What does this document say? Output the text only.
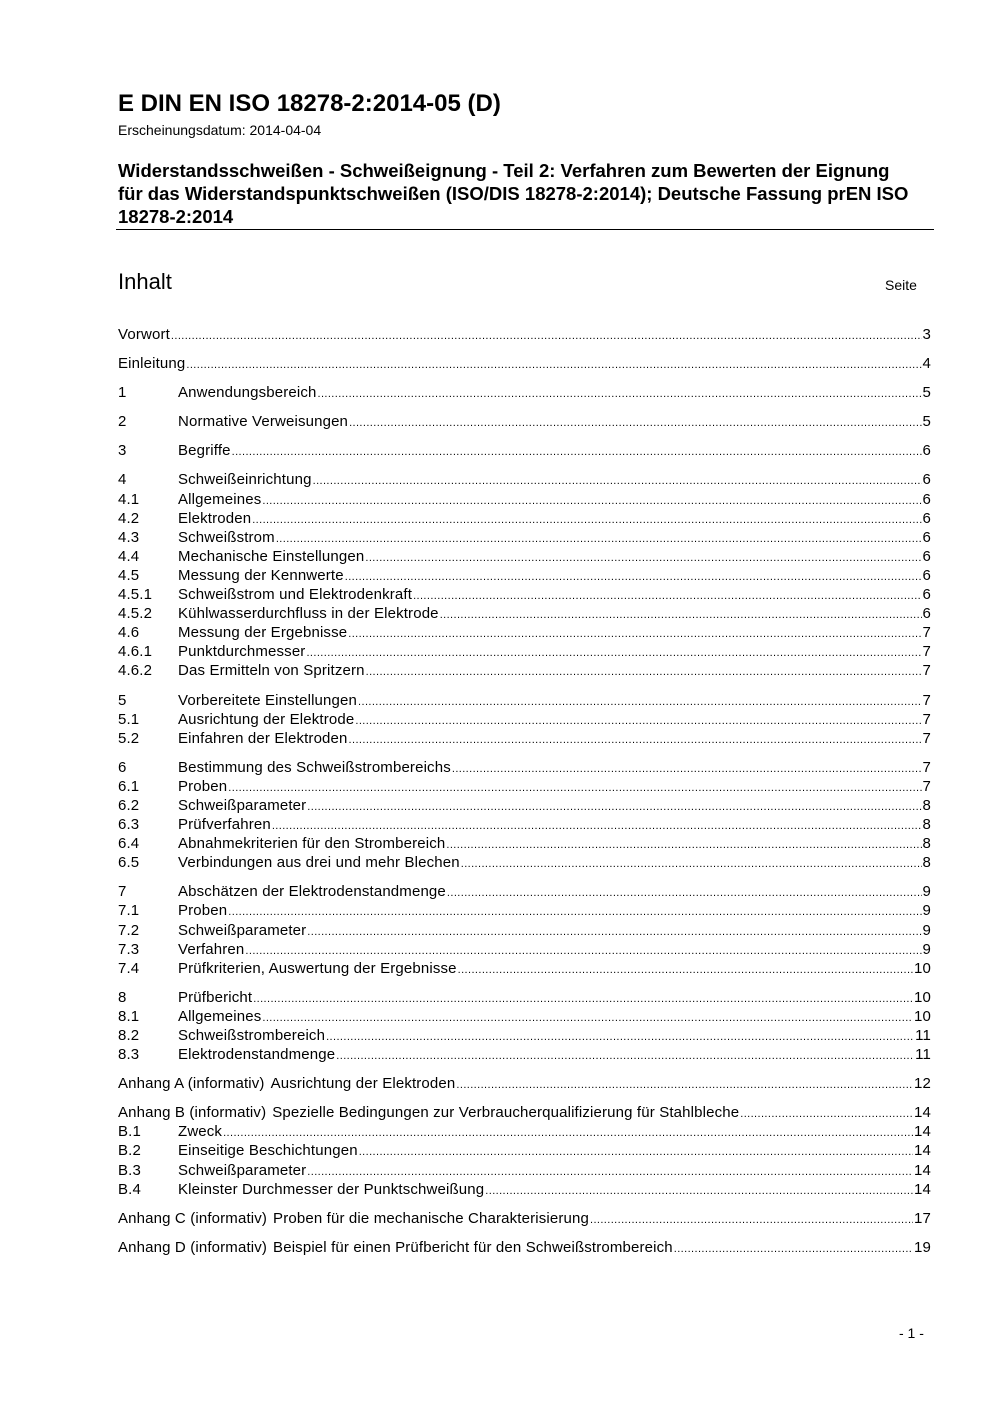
E DIN EN ISO 18278-2:2014-05 (D)
Erscheinungsdatum: 2014-04-04
Widerstandsschweißen - Schweißeignung - Teil 2: Verfahren zum Bewerten der Eignung für das Widerstandspunktschweißen (ISO/DIS 18278-2:2014); Deutsche Fassung prEN ISO 18278-2:2014
Inhalt	Seite
Vorwort .....	3
Einleitung .....	4
1	Anwendungsbereich .....	5
2	Normative Verweisungen .....	5
3	Begriffe .....	6
4	Schweißeinrichtung .....	6
4.1	Allgemeines .....	6
4.2	Elektroden .....	6
4.3	Schweißstrom .....	6
4.4	Mechanische Einstellungen .....	6
4.5	Messung der Kennwerte .....	6
4.5.1	Schweißstrom und Elektrodenkraft .....	6
4.5.2	Kühlwasserdurchfluss in der Elektrode .....	6
4.6	Messung der Ergebnisse .....	7
4.6.1	Punktdurchmesser .....	7
4.6.2	Das Ermitteln von Spritzern .....	7
5	Vorbereitete Einstellungen .....	7
5.1	Ausrichtung der Elektrode .....	7
5.2	Einfahren der Elektroden .....	7
6	Bestimmung des Schweißstrombereichs .....	7
6.1	Proben .....	7
6.2	Schweißparameter .....	8
6.3	Prüfverfahren .....	8
6.4	Abnahmekriterien für den Strombereich .....	8
6.5	Verbindungen aus drei und mehr Blechen .....	8
7	Abschätzen der Elektrodenstandmenge .....	9
7.1	Proben .....	9
7.2	Schweißparameter .....	9
7.3	Verfahren .....	9
7.4	Prüfkriterien, Auswertung der Ergebnisse .....	10
8	Prüfbericht .....	10
8.1	Allgemeines .....	10
8.2	Schweißstrombereich .....	11
8.3	Elektrodenstandmenge .....	11
Anhang A (informativ) Ausrichtung der Elektroden .....	12
Anhang B (informativ) Spezielle Bedingungen zur Verbraucherqualifizierung für Stahlbleche .....	14
B.1	Zweck .....	14
B.2	Einseitige Beschichtungen .....	14
B.3	Schweißparameter .....	14
B.4	Kleinster Durchmesser der Punktschweißung .....	14
Anhang C (informativ) Proben für die mechanische Charakterisierung .....	17
Anhang D (informativ) Beispiel für einen Prüfbericht für den Schweißstrombereich .....	19
- 1 -
